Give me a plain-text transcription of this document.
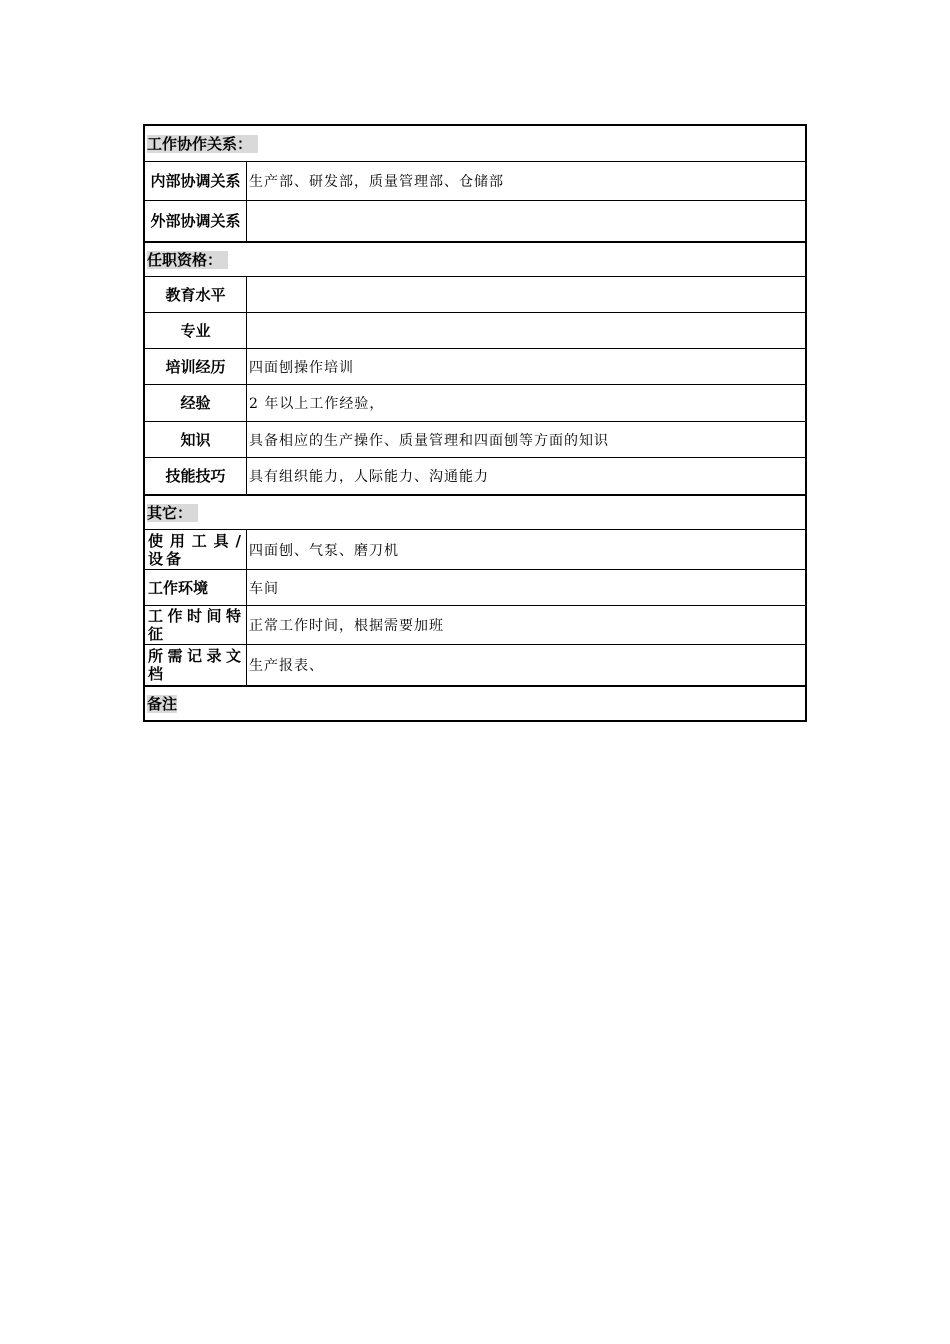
工作协作关系：
内部协调关系 生产部、研发部，质量管理部、仓储部
外部协调关系
任职资格：
教育水平
专业
培训经历	四面刨操作培训
经验	2 年以上工作经验，
知识	具备相应的生产操作、质量管理和四面刨等方面的知识
技能技巧	具有组织能力，人际能力、沟通能力
其它：
使用工具/设备	四面刨、气泵、磨刀机
工作环境	车间
工作时间特征	正常工作时间，根据需要加班
所需记录文档	生产报表、
备注
